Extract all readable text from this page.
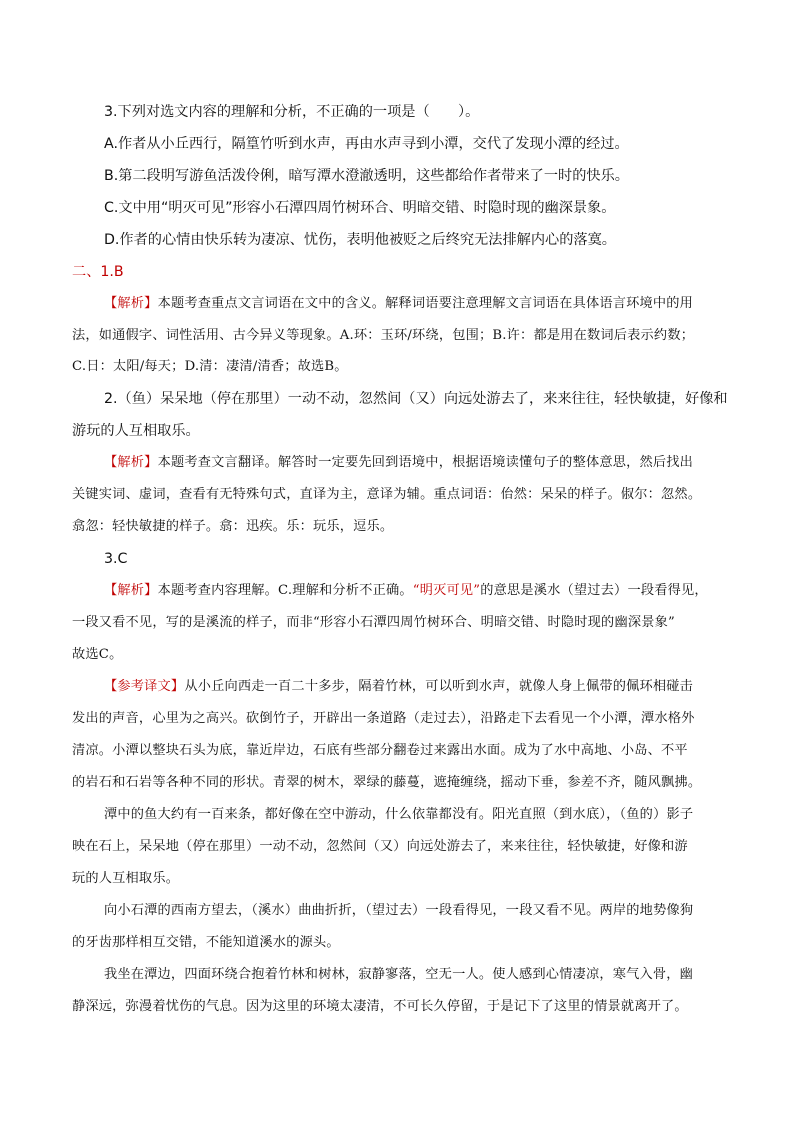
3.下列对选文内容的理解和分析，不正确的一项是（　　）。
A.作者从小丘西行，隔篁竹听到水声，再由水声寻到小潭，交代了发现小潭的经过。
B.第二段明写游鱼活泼伶俐，暗写潭水澄澈透明，这些都给作者带来了一时的快乐。
C.文中用“明灭可见”形容小石潭四周竹树环合、明暗交错、时隐时现的幽深景象。
D.作者的心情由快乐转为凄凉、忧伤，表明他被贬之后终究无法排解内心的落寞。
二、1.B
【解析】本题考查重点文言词语在文中的含义。解释词语要注意理解文言词语在具体语言环境中的用
法，如通假字、词性活用、古今异义等现象。A.环：玉环/环绕，包围；B.许：都是用在数词后表示约数；
C.日：太阳/每天；D.清：凄清/清香；故选B。
2.（鱼）呆呆地（停在那里）一动不动，忽然间（又）向远处游去了，来来往往，轻快敏捷，好像和
游玩的人互相取乐。
【解析】本题考查文言翻译。解答时一定要先回到语境中，根据语境读懂句子的整体意思，然后找出
关键实词、虚词，查看有无特殊句式，直译为主，意译为辅。重点词语：佁然：呆呆的样子。俶尔：忽然。
翕忽：轻快敏捷的样子。翕：迅疾。乐：玩乐，逗乐。
3.C
【解析】本题考查内容理解。C.理解和分析不正确。“明灭可见”的意思是溪水（望过去）一段看得见，
一段又看不见，写的是溪流的样子，而非“形容小石潭四周竹树环合、明暗交错、时隐时现的幽深景象”
故选C。
【参考译文】从小丘向西走一百二十多步，隔着竹林，可以听到水声，就像人身上佩带的佩环相碰击
发出的声音，心里为之高兴。砍倒竹子，开辟出一条道路（走过去），沿路走下去看见一个小潭，潭水格外
清凉。小潭以整块石头为底，靠近岸边，石底有些部分翻卷过来露出水面。成为了水中高地、小岛、不平
的岩石和石岩等各种不同的形状。青翠的树木，翠绿的藤蔓，遮掩缠绕，摇动下垂，参差不齐，随风飘拂。
潭中的鱼大约有一百来条，都好像在空中游动，什么依靠都没有。阳光直照（到水底），（鱼的）影子
映在石上，呆呆地（停在那里）一动不动，忽然间（又）向远处游去了，来来往往，轻快敏捷，好像和游
玩的人互相取乐。
向小石潭的西南方望去，（溪水）曲曲折折，（望过去）一段看得见，一段又看不见。两岸的地势像狗
的牙齿那样相互交错，不能知道溪水的源头。
我坐在潭边，四面环绕合抱着竹林和树林，寂静寥落，空无一人。使人感到心情凄凉，寒气入骨，幽
静深远，弥漫着忧伤的气息。因为这里的环境太凄清，不可长久停留，于是记下了这里的情景就离开了。
